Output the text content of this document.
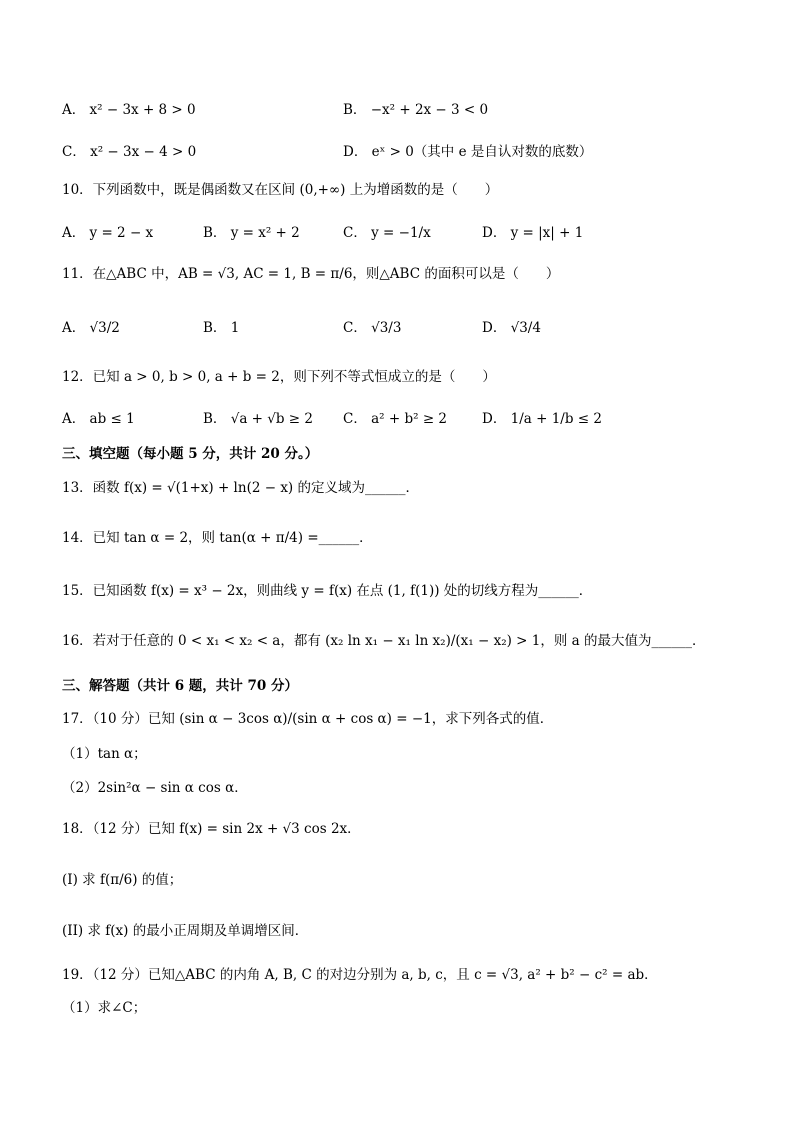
A． x² − 3x + 8 > 0	B． −x² + 2x − 3 < 0
C． x² − 3x − 4 > 0	D． eˣ > 0（其中 e 是自认对数的底数）
10．下列函数中，既是偶函数又在区间 (0,+∞) 上为增函数的是（　　）
A． y = 2 − x	B． y = x² + 2	C． y = −1/x	D． y = |x| + 1
11．在△ABC 中，AB = √3, AC = 1, B = π/6，则△ABC 的面积可以是（　　）
A． √3/2	B． 1	C． √3/3	D． √3/4
12．已知 a > 0, b > 0, a + b = 2，则下列不等式恒成立的是（　　）
A． ab ≤ 1	B． √a + √b ≥ 2 C． a² + b² ≥ 2	D． 1/a + 1/b ≤ 2
三、填空题（每小题 5 分，共计 20 分。）
13．函数 f(x) = √(1+x) + ln(2 − x) 的定义域为______．
14．已知 tan α = 2，则 tan(α + π/4) =______．
15．已知函数 f(x) = x³ − 2x，则曲线 y = f(x) 在点 (1, f(1)) 处的切线方程为______．
16．若对于任意的 0 < x₁ < x₂ < a，都有 (x₂ ln x₁ − x₁ ln x₂)/(x₁ − x₂) > 1，则 a 的最大值为______．
三、解答题（共计 6 题，共计 70 分）
17．（10 分）已知 (sin α − 3cos α)/(sin α + cos α) = −1，求下列各式的值．
（1）tan α；
（2）2sin²α − sin α cos α．
18．（12 分）已知 f(x) = sin 2x + √3 cos 2x．
(I) 求 f(π/6) 的值；
(II) 求 f(x) 的最小正周期及单调增区间．
19．（12 分）已知△ABC 的内角 A, B, C 的对边分别为 a, b, c，且 c = √3, a² + b² − c² = ab．
（1）求∠C；
